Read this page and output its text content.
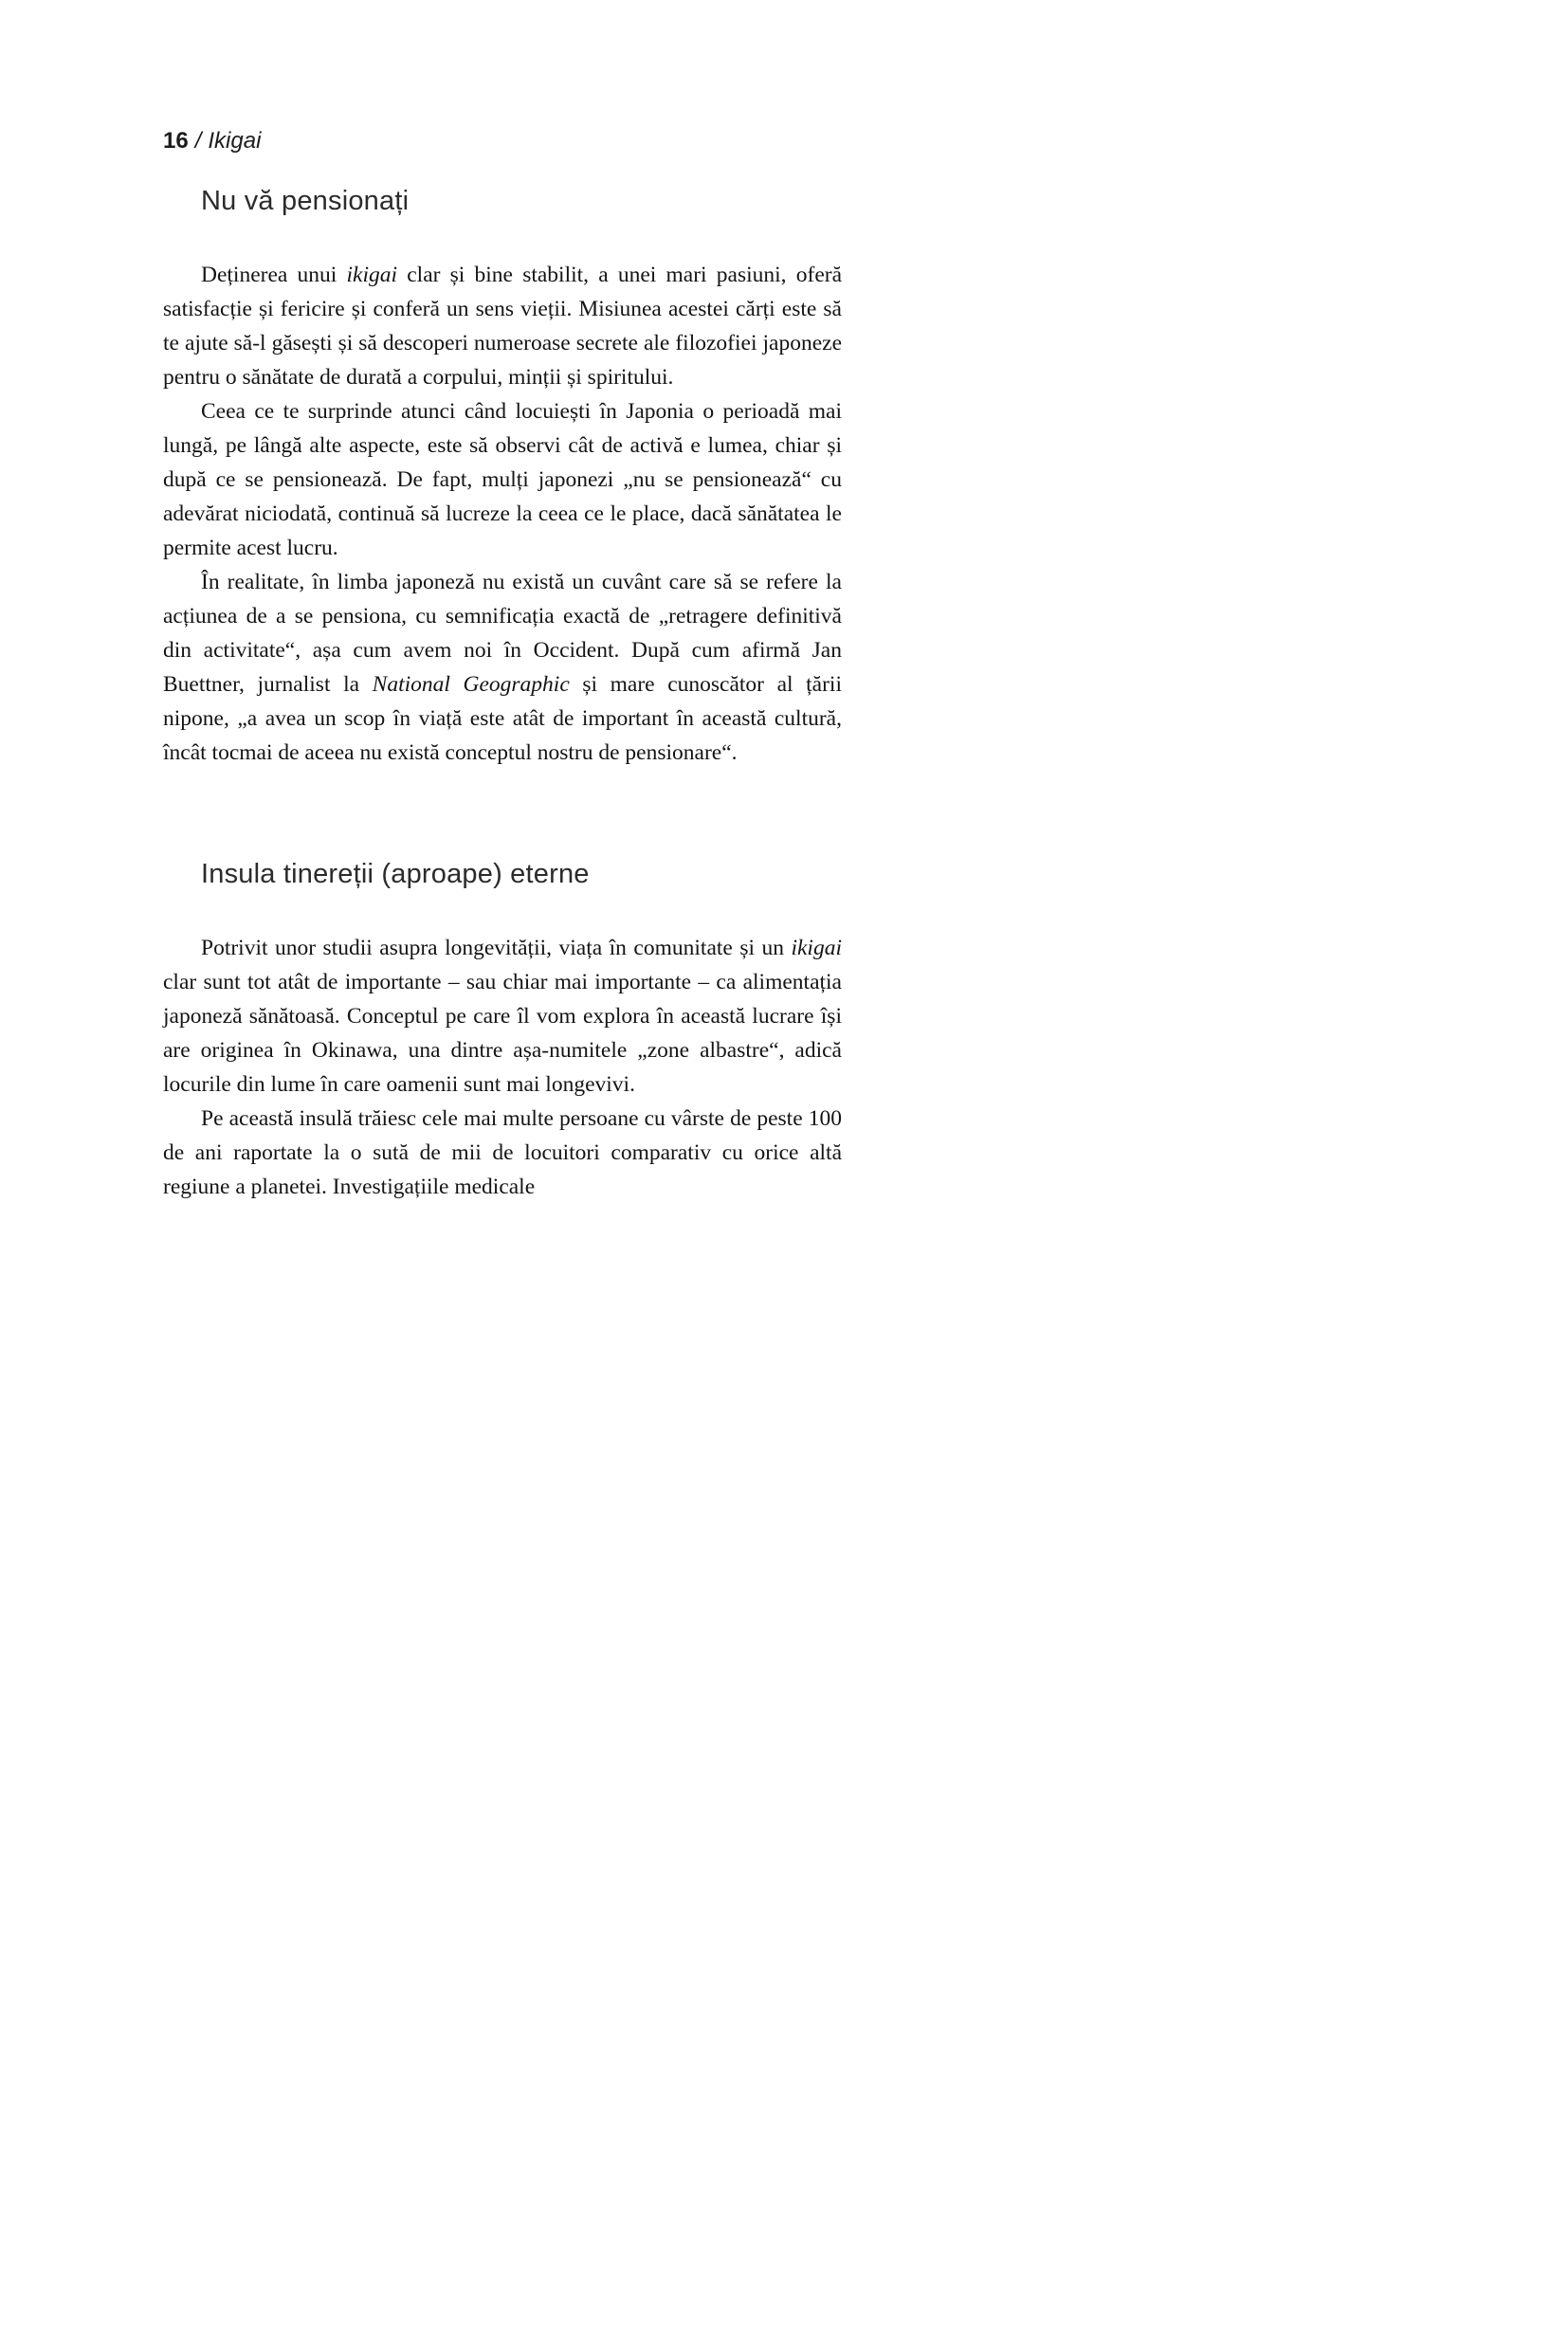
16 / Ikigai
Nu vă pensionați

Deținerea unui ikigai clar și bine stabilit, a unei mari pasiuni, oferă satisfacție și fericire și conferă un sens vieții. Misiunea acestei cărți este să te ajute să-l găsești și să descoperi numeroase secrete ale filozofiei japoneze pentru o sănătate de durată a corpului, minții și spiritului.

Ceea ce te surprinde atunci când locuiești în Japonia o perioadă mai lungă, pe lângă alte aspecte, este să observi cât de activă e lumea, chiar și după ce se pensionează. De fapt, mulți japonezi „nu se pensionează“ cu adevărat niciodată, continuă să lucreze la ceea ce le place, dacă sănătatea le permite acest lucru.

În realitate, în limba japoneză nu există un cuvânt care să se refere la acțiunea de a se pensiona, cu semnificația exactă de „retragere definitivă din activitate“, așa cum avem noi în Occident. După cum afirmă Jan Buettner, jurnalist la National Geographic și mare cunoscător al țării nipone, „a avea un scop în viață este atât de important în această cultură, încât tocmai de aceea nu există conceptul nostru de pensionare“.

Insula tinereții (aproape) eterne

Potrivit unor studii asupra longevității, viața în comunitate și un ikigai clar sunt tot atât de importante – sau chiar mai importante – ca alimentația japoneză sănătoasă. Conceptul pe care îl vom explora în această lucrare își are originea în Okinawa, una dintre așa-numitele „zone albastre“, adică locurile din lume în care oamenii sunt mai longevivi.

Pe această insulă trăiesc cele mai multe persoane cu vârste de peste 100 de ani raportate la o sută de mii de locuitori comparativ cu orice altă regiune a planetei. Investigațiile medicale
